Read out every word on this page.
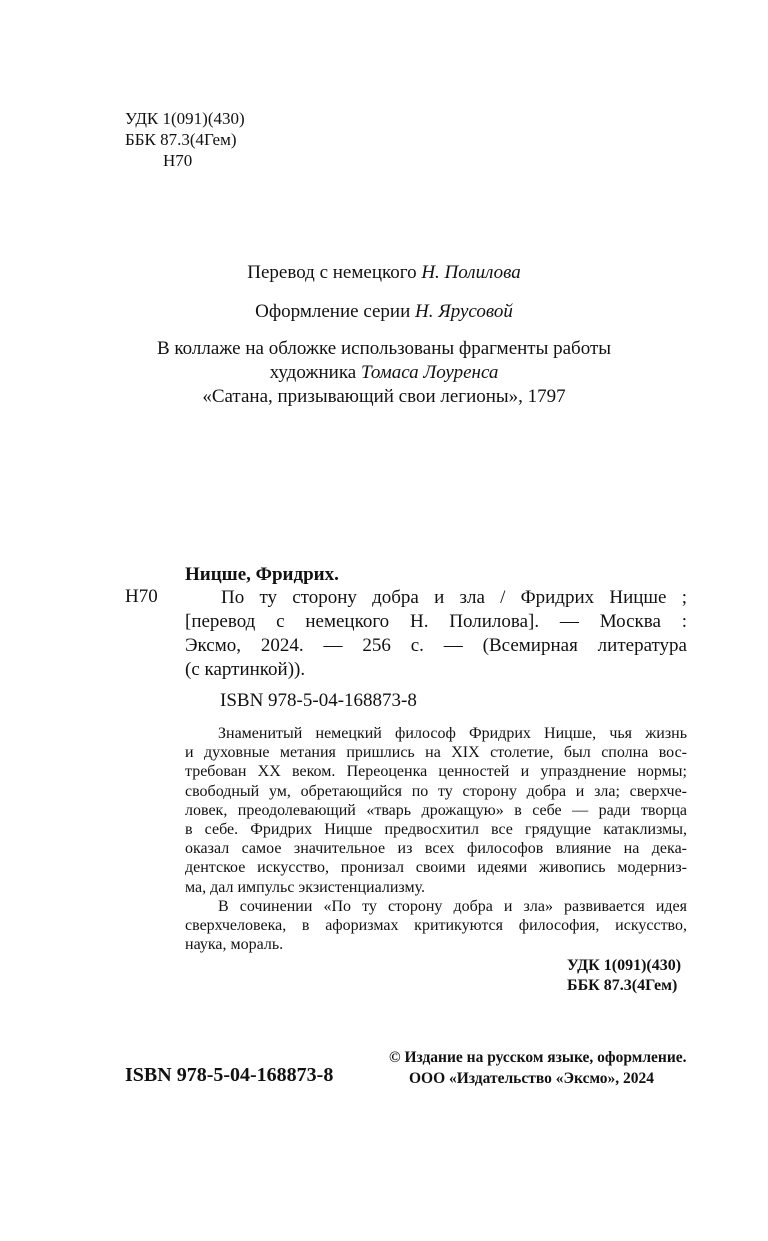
УДК 1(091)(430)
ББК 87.3(4Гем)
Н70
Перевод с немецкого Н. Полилова
Оформление серии Н. Ярусовой
В коллаже на обложке использованы фрагменты работы
художника Томаса Лоуренса
«Сатана, призывающий свои легионы», 1797
Ницше, Фридрих.
Н70	По ту сторону добра и зла / Фридрих Ницше ;
[перевод с немецкого Н. Полилова]. — Москва :
Эксмо, 2024. — 256 с. — (Всемирная литература
(с картинкой)).
ISBN 978-5-04-168873-8

Знаменитый немецкий философ Фридрих Ницше, чья жизнь
и духовные метания пришлись на XIX столетие, был сполна вос-
требован XX веком. Переоценка ценностей и упразднение нормы;
свободный ум, обретающийся по ту сторону добра и зла; сверхче-
ловек, преодолевающий «тварь дрожащую» в себе — ради творца
в себе. Фридрих Ницше предвосхитил все грядущие катаклизмы,
оказал самое значительное из всех философов влияние на дека-
дентское искусство, пронизал своими идеями живопись модерниз-
ма, дал импульс экзистенциализму.

В сочинении «По ту сторону добра и зла» развивается идея
сверхчеловека, в афоризмах критикуются философия, искусство,
наука, мораль.

УДК 1(091)(430)
ББК 87.3(4Гем)
ISBN 978-5-04-168873-8
© Издание на русском языке, оформление.
ООО «Издательство «Эксмо», 2024
